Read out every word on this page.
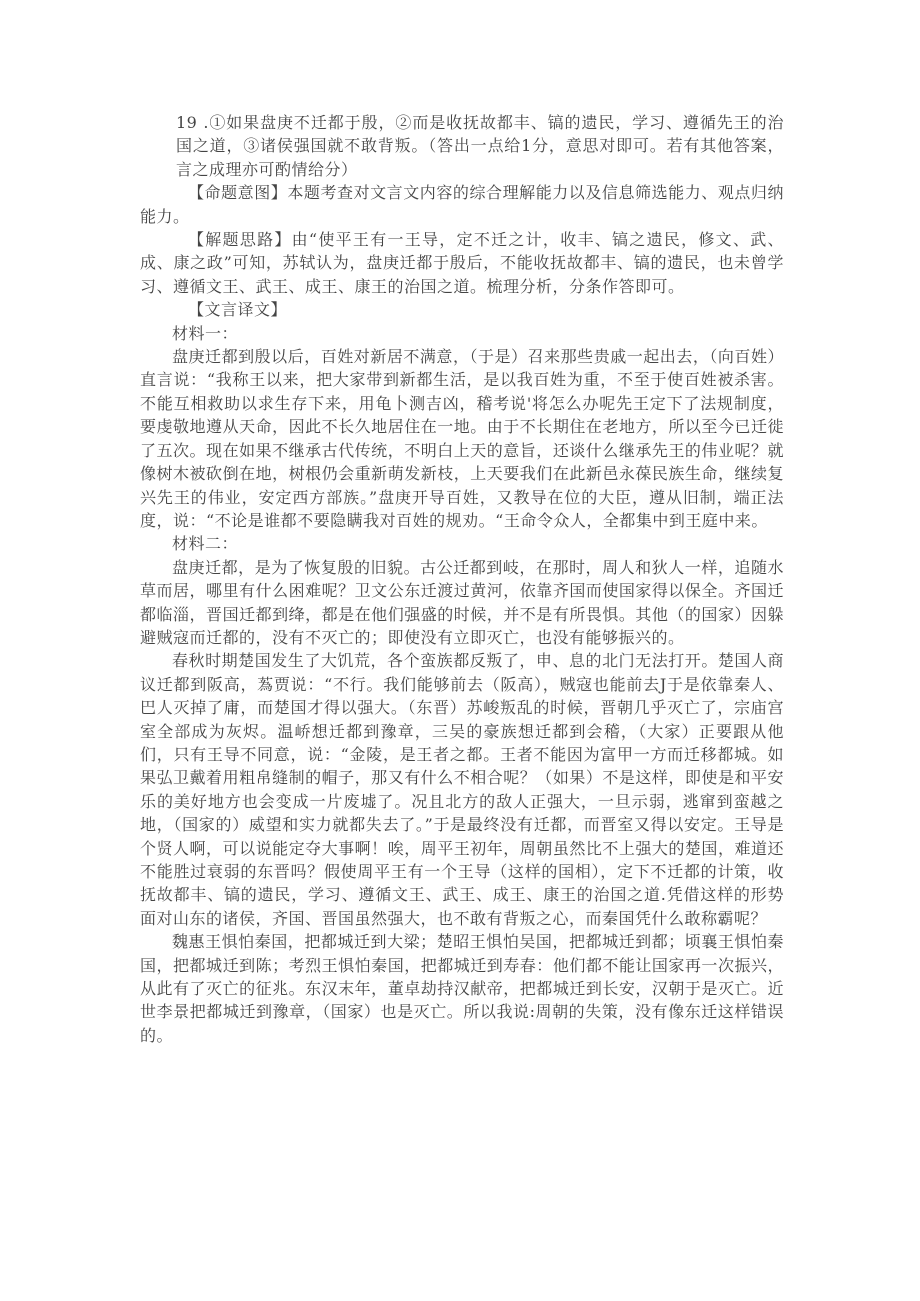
19 .①如果盘庚不迁都于殷，②而是收抚故都丰、镐的遗民，学习、遵循先王的治国之道，③诸侯强国就不敢背叛。（答出一点给1分，意思对即可。若有其他答案，言之成理亦可酌情给分）

【命题意图】本题考查对文言文内容的综合理解能力以及信息筛选能力、观点归纳能力。

【解题思路】由“使平王有一王导，定不迁之计，收丰、镐之遗民，修文、武、成、康之政”可知，苏轼认为，盘庚迁都于殷后，不能收抚故都丰、镐的遗民，也未曾学习、遵循文王、武王、成王、康王的治国之道。梳理分析，分条作答即可。

【文言译文】

材料一：

盘庚迁都到殷以后，百姓对新居不满意，（于是）召来那些贵戚一起出去，（向百姓）直言说：“我称王以来，把大家带到新都生活，是以我百姓为重，不至于使百姓被杀害。不能互相救助以求生存下来，用龟卜测吉凶，稽考说'将怎么办呢先王定下了法规制度，要虔敬地遵从天命，因此不长久地居住在一地。由于不长期住在老地方，所以至今已迁徙了五次。现在如果不继承古代传统，不明白上天的意旨，还谈什么继承先王的伟业呢？就像树木被砍倒在地，树根仍会重新萌发新枝，上天要我们在此新邑永葆民族生命，继续复兴先王的伟业，安定西方部族。”盘庚开导百姓，又教导在位的大臣，遵从旧制，端正法度，说：“不论是谁都不要隐瞒我对百姓的规劝。“王命令众人，全都集中到王庭中来。

材料二：

盘庚迁都，是为了恢复殷的旧貌。古公迁都到岐，在那时，周人和狄人一样，追随水草而居，哪里有什么困难呢？卫文公东迁渡过黄河，依靠齐国而使国家得以保全。齐国迁都临淄，晋国迁都到绛，都是在他们强盛的时候，并不是有所畏惧。其他（的国家）因躲避贼寇而迁都的，没有不灭亡的；即使没有立即灭亡，也没有能够振兴的。

春秋时期楚国发生了大饥荒，各个蛮族都反叛了，申、息的北门无法打开。楚国人商议迁都到阪高，蒍贾说：“不行。我们能够前去（阪高），贼寇也能前去J于是依靠秦人、巴人灭掉了庸，而楚国才得以强大。（东晋）苏峻叛乱的时候，晋朝几乎灭亡了，宗庙宫室全部成为灰烬。温峤想迁都到豫章，三吴的豪族想迁都到会稽，（大家）正要跟从他们，只有王导不同意，说：“金陵，是王者之都。王者不能因为富甲一方而迁移都城。如果弘卫戴着用粗帛缝制的帽子，那又有什么不相合呢？（如果）不是这样，即使是和平安乐的美好地方也会变成一片废墟了。况且北方的敌人正强大，一旦示弱，逃窜到蛮越之地，（国家的）威望和实力就都失去了。”于是最终没有迁都，而晋室又得以安定。王导是个贤人啊，可以说能定夺大事啊！唉，周平王初年，周朝虽然比不上强大的楚国，难道还不能胜过衰弱的东晋吗？假使周平王有一个王导（这样的国相），定下不迁都的计策，收抚故都丰、镐的遗民，学习、遵循文王、武王、成王、康王的治国之道.凭借这样的形势面对山东的诸侯，齐国、晋国虽然强大，也不敢有背叛之心，而秦国凭什么敢称霸呢？

魏惠王惧怕秦国，把都城迁到大梁；楚昭王惧怕吴国，把都城迁到都；顷襄王惧怕秦国，把都城迁到陈；考烈王惧怕秦国，把都城迁到寿春：他们都不能让国家再一次振兴，从此有了灭亡的征兆。东汉末年，董卓劫持汉献帝，把都城迁到长安，汉朝于是灭亡。近世李景把都城迁到豫章，（国家）也是灭亡。所以我说:周朝的失策，没有像东迁这样错误的。
